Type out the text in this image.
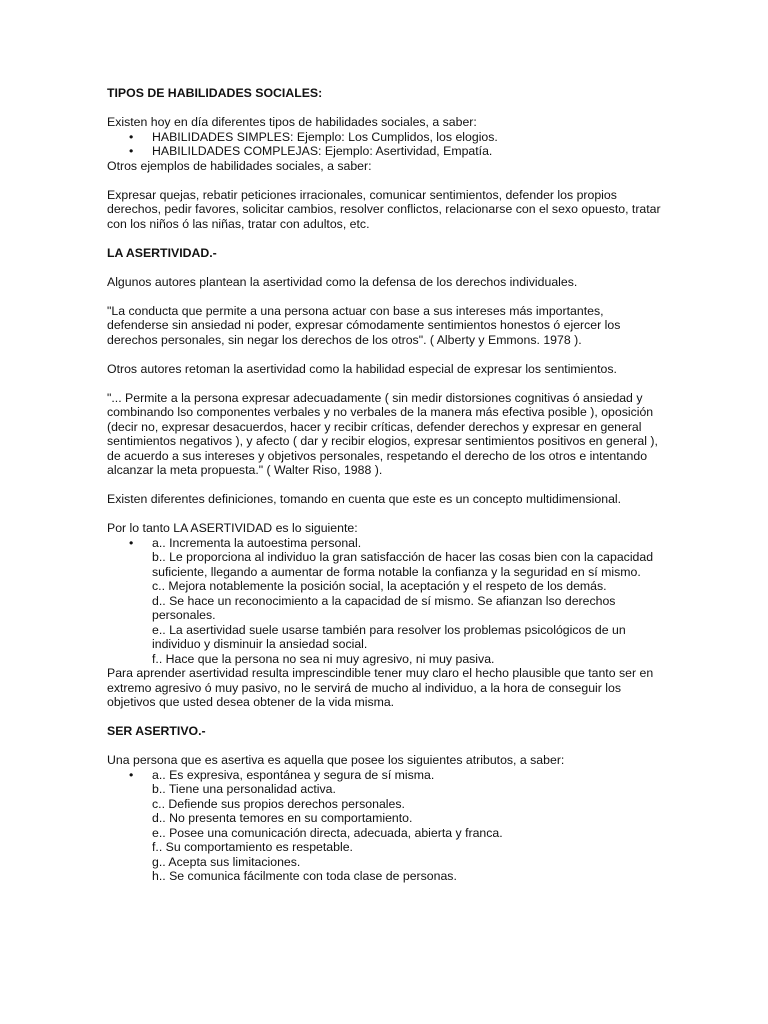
TIPOS DE HABILIDADES SOCIALES:

Existen hoy en día diferentes tipos de habilidades sociales, a saber:

• HABILIDADES SIMPLES: Ejemplo: Los Cumplidos, los elogios.
• HABILILDADES COMPLEJAS: Ejemplo: Asertividad, Empatía.

Otros ejemplos de habilidades sociales, a saber:

Expresar quejas, rebatir peticiones irracionales, comunicar sentimientos, defender los propios derechos, pedir favores, solicitar cambios, resolver conflictos, relacionarse con el sexo opuesto, tratar con los niños ó las niñas, tratar con adultos, etc.

LA ASERTIVIDAD.-

Algunos autores plantean la asertividad como la defensa de los derechos individuales.

"La conducta que permite a una persona actuar con base a sus intereses más importantes, defenderse sin ansiedad ni poder, expresar cómodamente sentimientos honestos ó ejercer los derechos personales, sin negar los derechos de los otros". ( Alberty y Emmons. 1978 ).

Otros autores retoman la asertividad como la habilidad especial de expresar los sentimientos.

"... Permite a la persona expresar adecuadamente ( sin medir distorsiones cognitivas ó ansiedad y combinando lso componentes verbales y no verbales de la manera más efectiva posible ), oposición (decir no, expresar desacuerdos, hacer y recibir críticas, defender derechos y expresar en general sentimientos negativos ), y afecto ( dar y recibir elogios, expresar sentimientos positivos en general ), de acuerdo a sus intereses y objetivos personales, respetando el derecho de los otros e intentando alcanzar la meta propuesta." ( Walter Riso, 1988 ).

Existen diferentes definiciones, tomando en cuenta que este es un concepto multidimensional.

Por lo tanto LA ASERTIVIDAD es lo siguiente:

• a.. Incrementa la autoestima personal.
b.. Le proporciona al individuo la gran satisfacción de hacer las cosas bien con la capacidad suficiente, llegando a aumentar de forma notable la confianza y la seguridad en sí mismo.
c.. Mejora notablemente la posición social, la aceptación y el respeto de los demás.
d.. Se hace un reconocimiento a la capacidad de sí mismo. Se afianzan lso derechos personales.
e.. La asertividad suele usarse también para resolver los problemas psicológicos de un individuo y disminuir la ansiedad social.
f.. Hace que la persona no sea ni muy agresivo, ni muy pasiva.

Para aprender asertividad resulta imprescindible tener muy claro el hecho plausible que tanto ser en extremo agresivo ó muy pasivo, no le servirá de mucho al individuo, a la hora de conseguir los objetivos que usted desea obtener de la vida misma.

SER ASERTIVO.-

Una persona que es asertiva es aquella que posee los siguientes atributos, a saber:

• a.. Es expresiva, espontánea y segura de sí misma.
b.. Tiene una personalidad activa.
c.. Defiende sus propios derechos personales.
d.. No presenta temores en su comportamiento.
e.. Posee una comunicación directa, adecuada, abierta y franca.
f.. Su comportamiento es respetable.
g.. Acepta sus limitaciones.
h.. Se comunica fácilmente con toda clase de personas.
